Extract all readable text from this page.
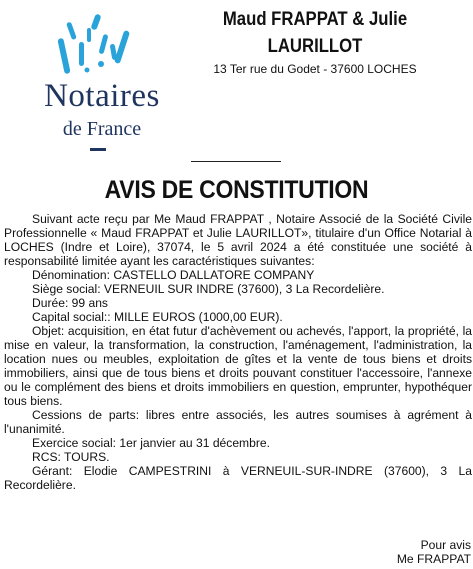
Notaires
de France
Maud FRAPPAT & Julie LAURILLOT
13 Ter rue du Godet - 37600 LOCHES
AVIS DE CONSTITUTION

Suivant acte reçu par Me Maud FRAPPAT , Notaire Associé de la Société Civile Professionnelle « Maud FRAPPAT et Julie LAURILLOT», titulaire d'un Office Notarial à LOCHES (Indre et Loire), 37074, le 5 avril 2024 a été constituée une société à responsabilité limitée ayant les caractéristiques suivantes:

Dénomination: CASTELLO DALLATORE COMPANY

Siège social: VERNEUIL SUR INDRE (37600), 3 La Recordelière.

Durée: 99 ans

Capital social:: MILLE EUROS (1000,00 EUR).

Objet: acquisition, en état futur d'achèvement ou achevés, l'apport, la propriété, la mise en valeur, la transformation, la construction, l'aménagement, l'administration, la location nues ou meubles, exploitation de gîtes et la vente de tous biens et droits immobiliers, ainsi que de tous biens et droits pouvant constituer l'accessoire, l'annexe ou le complément des biens et droits immobiliers en question, emprunter, hypothéquer tous biens.

Cessions de parts: libres entre associés, les autres soumises à agrément à l'unanimité.

Exercice social: 1er janvier au 31 décembre.

RCS: TOURS.

Gérant: Elodie CAMPESTRINI à VERNEUIL-SUR-INDRE (37600), 3 La Recordelière.

Pour avis
Me FRAPPAT
